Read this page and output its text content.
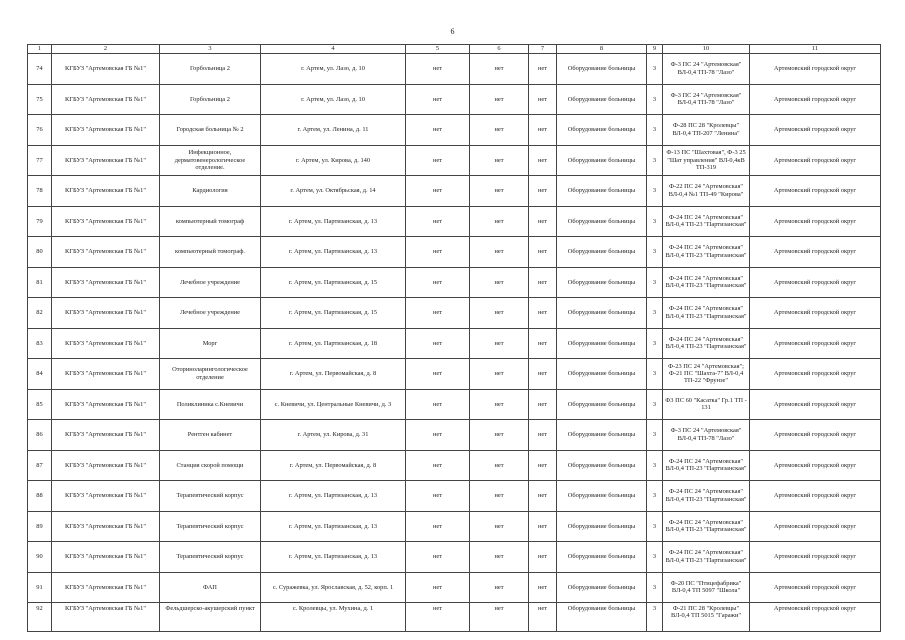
6
1	2	3	4	5	6	7	8	9	10	11
74	КГБУЗ "Артемовская ГБ №1"	Горбольница 2	г. Артем, ул. Лазо, д. 10	нет	нет	нет	Оборудование больницы	3	Ф-3 ПС 24 "Артемовская" ВЛ-0,4 ТП-78 "Лазо"	Артемовский городской округ
75	КГБУЗ "Артемовская ГБ №1"	Горбольница 2	г. Артем, ул. Лазо, д. 10	нет	нет	нет	Оборудование больницы	3	Ф-3 ПС 24 "Артемовская" ВЛ-0,4 ТП-78 "Лазо"	Артемовский городской округ
76	КГБУЗ "Артемовская ГБ №1"	Городская больница № 2	г. Артем, ул. Ленина, д. 11	нет	нет	нет	Оборудование больницы	3	Ф-28 ПС 28 "Кролевцы" ВЛ-0,4 ТП-207 "Ленина"	Артемовский городской округ
77	КГБУЗ "Артемовская ГБ №1"	Инфекционное, дерматовенерологическое отделение.	г. Артем, ул. Кирова, д. 140	нет	нет	нет	Оборудование больницы	3	Ф-13 ПС "Шахтовая", Ф-3 25 "Шат управления" ВЛ-0,4кВ ТП-319	Артемовский городской округ
78	КГБУЗ "Артемовская ГБ №1"	Кардиология	г. Артем, ул. Октябрьская, д. 14	нет	нет	нет	Оборудование больницы	3	Ф-22 ПС 24 "Артемовская" ВЛ-0,4 №1 ТП-49 "Кирова"	Артемовский городской округ
79	КГБУЗ "Артемовская ГБ №1"	компьютерный томограф	г. Артем, ул. Партизанская, д. 13	нет	нет	нет	Оборудование больницы	3	Ф-24 ПС 24 "Артемовская" ВЛ-0,4 ТП-23 "Партизанская"	Артемовский городской округ
80	КГБУЗ "Артемовская ГБ №1"	компьютерный томограф.	г. Артем, ул. Партизанская, д. 13	нет	нет	нет	Оборудование больницы	3	Ф-24 ПС 24 "Артемовская" ВЛ-0,4 ТП-23 "Партизанская"	Артемовский городской округ
81	КГБУЗ "Артемовская ГБ №1"	Лечебное учреждение	г. Артем, ул. Партизанская, д. 15	нет	нет	нет	Оборудование больницы	3	Ф-24 ПС 24 "Артемовская" ВЛ-0,4 ТП-23 "Партизанская"	Артемовский городской округ
82	КГБУЗ "Артемовская ГБ №1"	Лечебное учреждение	г. Артем, ул. Партизанская, д. 15	нет	нет	нет	Оборудование больницы	3	Ф-24 ПС 24 "Артемовская" ВЛ-0,4 ТП-23 "Партизанская"	Артемовский городской округ
83	КГБУЗ "Артемовская ГБ №1"	Морг	г. Артем, ул. Партизанская, д. 18	нет	нет	нет	Оборудование больницы	3	Ф-24 ПС 24 "Артемовская" ВЛ-0,4 ТП-23 "Партизанская"	Артемовский городской округ
84	КГБУЗ "Артемовская ГБ №1"	Оториноларингологическое отделение	г. Артем, ул. Первомайская, д. 8	нет	нет	нет	Оборудование больницы	3	Ф-23 ПС 24 "Артемовская"; Ф-21 ПС "Шахта-7" ВЛ-0,4 ТП-22 "Фрунзе"	Артемовский городской округ
85	КГБУЗ "Артемовская ГБ №1"	Поликлиника с.Кневичи	с. Кневичи, ул. Центральные Кневичи, д. 3	нет	нет	нет	Оборудование больницы	3	Ф3 ПС 60 "Касатка" Гр.1 ТП - 131	Артемовский городской округ
86	КГБУЗ "Артемовская ГБ №1"	Рентген кабинет	г. Артем, ул. Кирова, д. 31	нет	нет	нет	Оборудование больницы	3	Ф-3 ПС 24 "Артемовская" ВЛ-0,4 ТП-78 "Лазо"	Артемовский городской округ
87	КГБУЗ "Артемовская ГБ №1"	Станция скорой помощи	г. Артем, ул. Первомайская, д. 8	нет	нет	нет	Оборудование больницы	3	Ф-24 ПС 24 "Артемовская" ВЛ-0,4 ТП-23 "Партизанская"	Артемовский городской округ
88	КГБУЗ "Артемовская ГБ №1"	Терапевтический корпус	г. Артем, ул. Партизанская, д. 13	нет	нет	нет	Оборудование больницы	3	Ф-24 ПС 24 "Артемовская" ВЛ-0,4 ТП-23 "Партизанская"	Артемовский городской округ
89	КГБУЗ "Артемовская ГБ №1"	Терапевтический корпус	г. Артем, ул. Партизанская, д. 13	нет	нет	нет	Оборудование больницы	3	Ф-24 ПС 24 "Артемовская" ВЛ-0,4 ТП-23 "Партизанская"	Артемовский городской округ
90	КГБУЗ "Артемовская ГБ №1"	Терапевтический корпус	г. Артем, ул. Партизанская, д. 13	нет	нет	нет	Оборудование больницы	3	Ф-24 ПС 24 "Артемовская" ВЛ-0,4 ТП-23 "Партизанская"	Артемовский городской округ
91	КГБУЗ "Артемовская ГБ №1"	ФАП	с. Суражевка, ул. Ярославская, д. 52, корп. 1	нет	нет	нет	Оборудование больницы	3	Ф-20 ПС "Птицефабрика" ВЛ-0,4 ТП 5097 "Школа"	Артемовский городской округ
92	КГБУЗ "Артемовская ГБ №1"	Фельдшерско-акушерский пункт	с. Кролевцы, ул. Мухина, д. 1	нет	нет	нет	Оборудование больницы	3	Ф-21 ПС 28 "Кролевцы" ВЛ-0,4 ТП 5015 "Гаражи"	Артемовский городской округ
